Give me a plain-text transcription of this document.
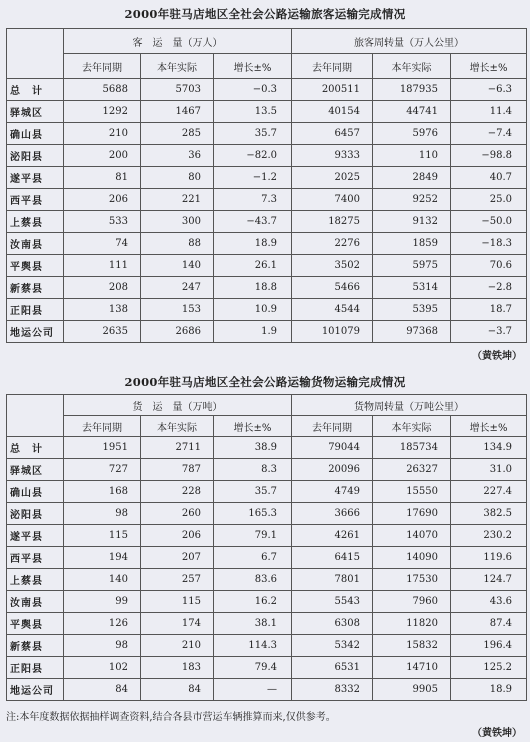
2000年驻马店地区全社会公路运输旅客运输完成情况
	客　运　量（万人）			旅客周转量（万人公里）		
	去年同期	本年实际	增长±%	去年同期	本年实际	增长±%
总　计	5688	5703	−0.3	200511	187935	−6.3
驿城区	1292	1467	13.5	40154	44741	11.4
确山县	210	285	35.7	6457	5976	−7.4
泌阳县	200	36	−82.0	9333	110	−98.8
遂平县	81	80	−1.2	2025	2849	40.7
西平县	206	221	7.3	7400	9252	25.0
上蔡县	533	300	−43.7	18275	9132	−50.0
汝南县	74	88	18.9	2276	1859	−18.3
平舆县	111	140	26.1	3502	5975	70.6
新蔡县	208	247	18.8	5466	5314	−2.8
正阳县	138	153	10.9	4544	5395	18.7
地运公司	2635	2686	1.9	101079	97368	−3.7
（黄铁坤）
2000年驻马店地区全社会公路运输货物运输完成情况
	货　运　量（万吨）			货物周转量（万吨公里）		
	去年同期	本年实际	增长±%	去年同期	本年实际	增长±%
总　计	1951	2711	38.9	79044	185734	134.9
驿城区	727	787	8.3	20096	26327	31.0
确山县	168	228	35.7	4749	15550	227.4
泌阳县	98	260	165.3	3666	17690	382.5
遂平县	115	206	79.1	4261	14070	230.2
西平县	194	207	6.7	6415	14090	119.6
上蔡县	140	257	83.6	7801	17530	124.7
汝南县	99	115	16.2	5543	7960	43.6
平舆县	126	174	38.1	6308	11820	87.4
新蔡县	98	210	114.3	5342	15832	196.4
正阳县	102	183	79.4	6531	14710	125.2
地运公司	84	84	—	8332	9905	18.9
注:本年度数据依据抽样调查资料,结合各县市营运车辆推算而来,仅供参考。
（黄铁坤）
